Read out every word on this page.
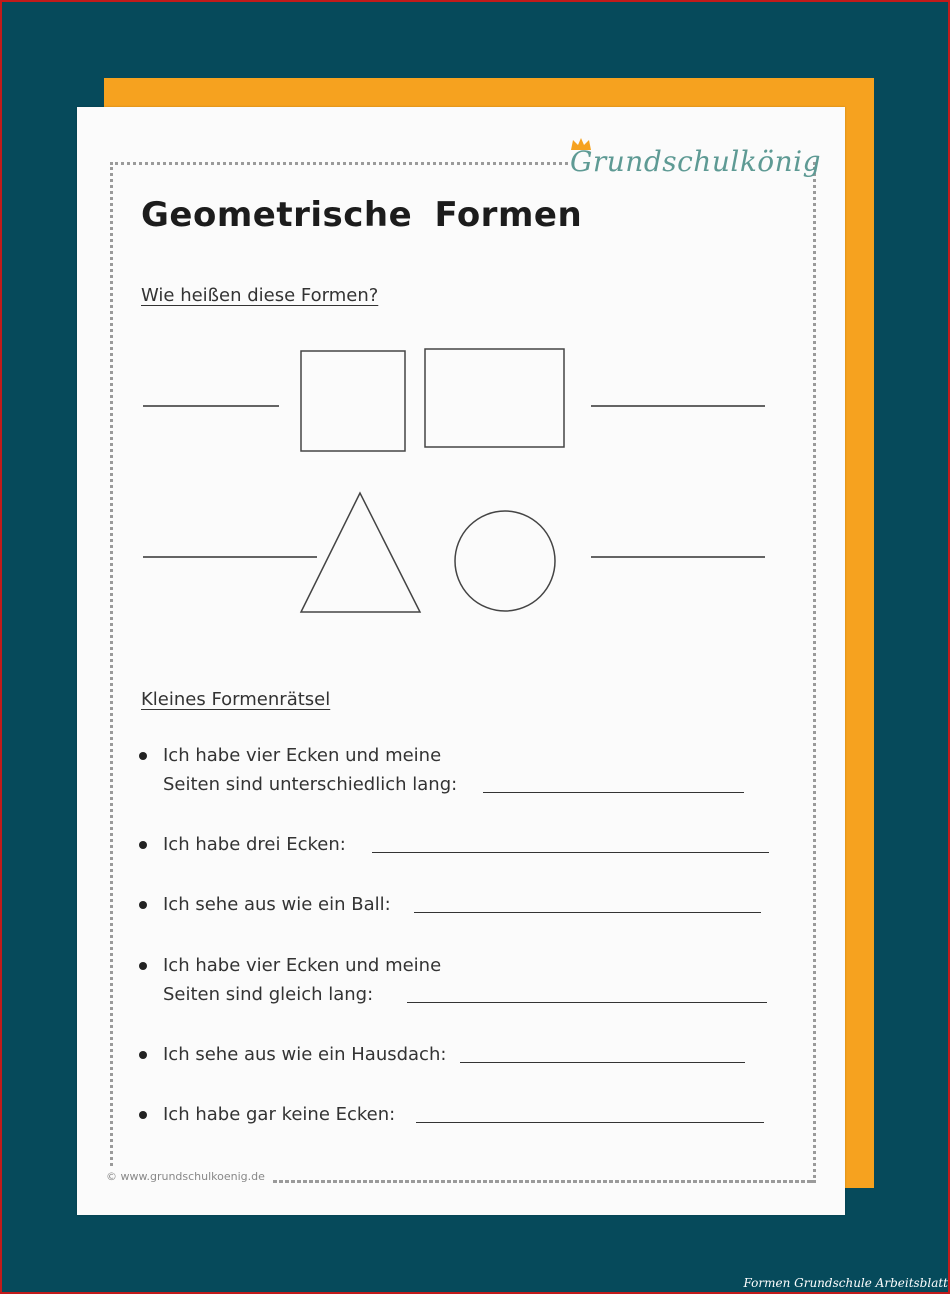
Grundschulkönig
Geometrische Formen
Wie heißen diese Formen?
Kleines Formenrätsel
Ich habe vier Ecken und meine
Seiten sind unterschiedlich lang:
Ich habe drei Ecken:
Ich sehe aus wie ein Ball:
Ich habe vier Ecken und meine
Seiten sind gleich lang:
Ich sehe aus wie ein Hausdach:
Ich habe gar keine Ecken:
© www.grundschulkoenig.de
Formen Grundschule Arbeitsblatt
